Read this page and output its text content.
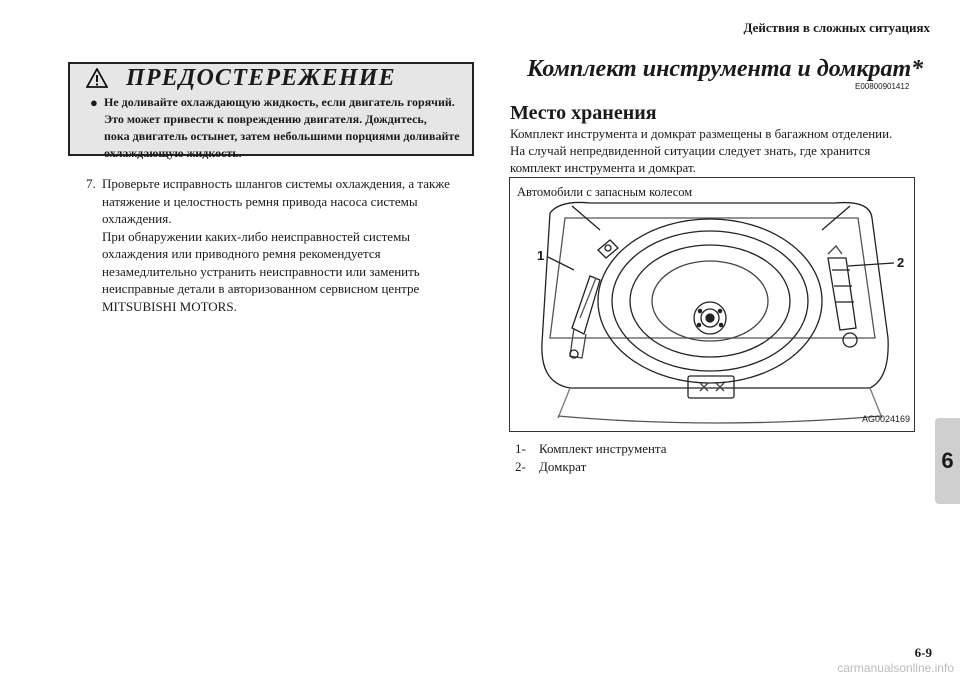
Действия в сложных ситуациях
ПРЕДОСТЕРЕЖЕНИЕ
● Не доливайте охлаждающую жидкость, если двигатель горячий.
Это может привести к повреждению двигателя. Дождитесь,
пока двигатель остынет, затем небольшими порциями доливайте
охлаждающую жидкость.
7. Проверьте исправность шлангов системы охлаждения, а также

натяжение и целостность ремня привода насоса системы

охлаждения.

При обнаружении каких-либо неисправностей системы

охлаждения или приводного ремня рекомендуется

незамедлительно устранить неисправности или заменить

неисправные детали в авторизованном сервисном центре

MITSUBISHI MOTORS.

Комплект инструмента и домкрат*
E00800901412
Место хранения
Комплект инструмента и домкрат размещены в багажном отделении.
На случай непредвиденной ситуации следует знать, где хранится
комплект инструмента и домкрат.
Автомобили с запасным колесом
1	2
AG0024169
1-	Комплект инструмента
2-	Домкрат	6
6-9
carmanualsonline.info
